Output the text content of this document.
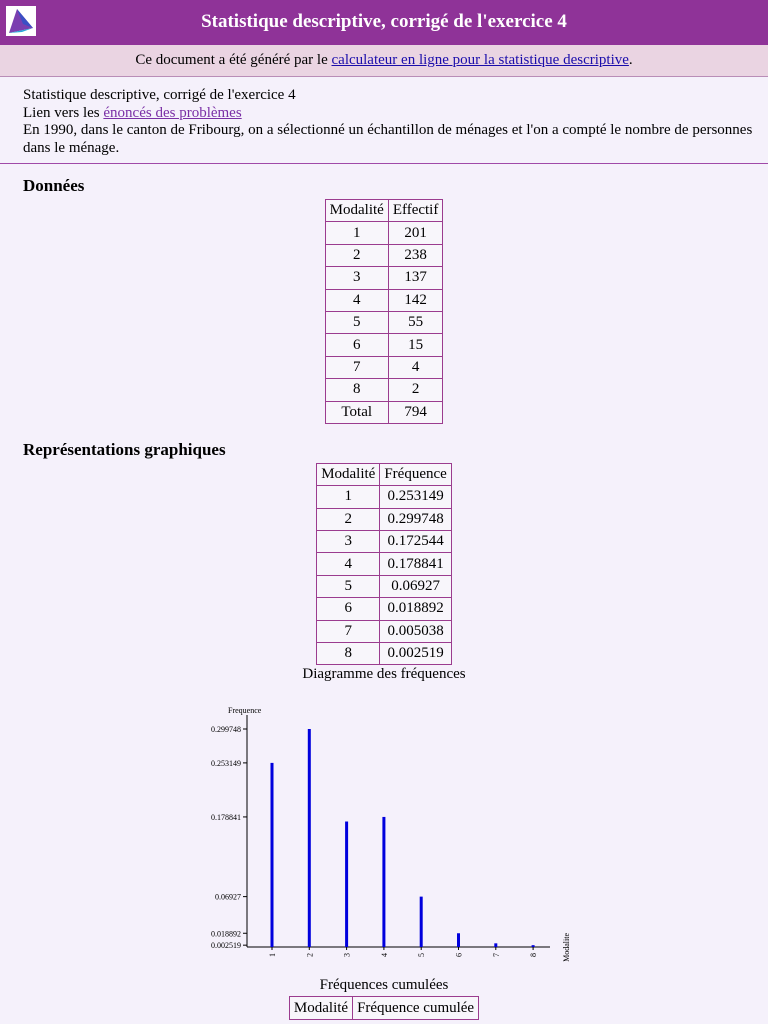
Statistique descriptive, corrigé de l'exercice 4
Ce document a été généré par le calculateur en ligne pour la statistique descriptive.
Statistique descriptive, corrigé de l'exercice 4
Lien vers les énoncés des problèmes
En 1990, dans le canton de Fribourg, on a sélectionné un échantillon de ménages et l'on a compté le nombre de personnes dans le ménage.
Données
Modalité	Effectif
1	201
2	238
3	137
4	142
5	55
6	15
7	4
8	2
Total	794
Représentations graphiques
Modalité	Fréquence
1	0.253149
2	0.299748
3	0.172544
4	0.178841
5	0.06927
6	0.018892
7	0.005038
8	0.002519
Diagramme des fréquences
Frequence
0.299748
0.253149
0.178841
0.06927
0.018892
0.002519
1	2	3	4	5	6	7	8	Modalite
Fréquences cumulées
Modalité	Fréquence cumulée
